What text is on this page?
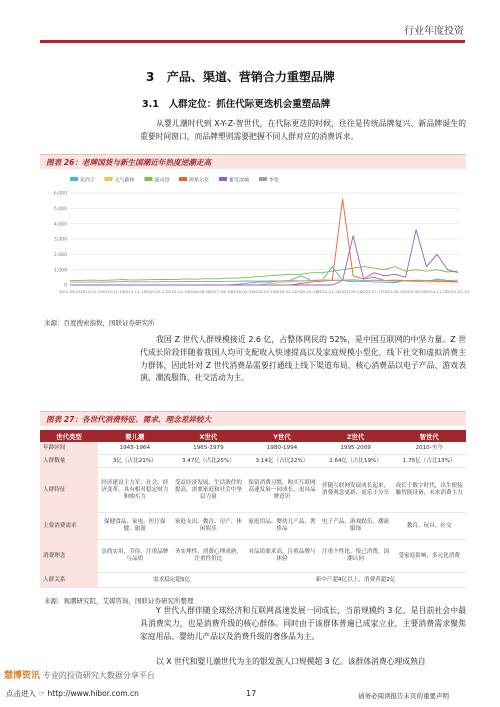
行业年度投资
3 产品、渠道、营销合力重塑品牌
3.1 人群定位：抓住代际更迭机会重塑品牌
从婴儿潮时代到 X-Y-Z-智世代，在代际更迭的时候，往往是传统品牌复兴、新品牌诞生的重要时间窗口，而品牌塑则需要把握不同人群对应的消费诉求。
图表 26：老牌国货与新生国潮近年热度逆潮走高
花西子	元气森林	波司登	鸿星尔克	蜜雪冰城	华伦
6,000
5,000
4,000
3,000
2,000
1,000
0
2011-06-01 2012-01-15 2013-01-13 2013-11-13 2015-01-17 2015-11-15 2016-08-08 2017-06-19 2018-05-01 2018-03-15 2019-02-11 2020-01-28 2021-01-14 2022-09-14 2022-07-17 2023-05-25 2025-06-09 2024-11-23 2021-07-10
来源：百度搜索指数，国联证券研究所
我国 Z 世代人群规模接近 2.6 亿，占整体网民的 52%，是中国互联网的中坚力量。Z 世代成长阶段伴随着我国人均可支配收入快速提高以及家庭规模小型化，线下社交和虚拟消费主力群体，因此针对 Z 世代消费品需要打通线上线下渠道布局，核心消费品以电子产品、游戏表演、潮流服饰、社交活动为主。
图表 27：各世代消费特征、需求、理念差异较大
世代类型	婴儿潮	X世代	Y世代	Z世代	智世代
年龄区间	1945-1964	1965-1979	1980-1994	1995-2009	2010-至今
人群数量	3亿（占比21%）	3.47亿（占比25%）	3.14亿（占比22%）	2.64亿（占比19%）	1.75亿（占比13%）
人群特征	经济建设主力军，社会、经济变革，具有相对稳定财力和购买力	受益经济发展，生活条件的提高，需要家庭和社会中坚层力量	保留消费习惯，购买互联网高速发展一同成长，更具品牌意识	伴随互联网发展成长起来，消费观念更新，更乐于分享	成长于数字时代，出生便接触智能设备，未来消费主力
主要消费需求	保健食品、家电、医疗保健、旅游	家庭支出、教育、房产、休闲娱乐	家庭用品、婴幼儿产品、奢侈品	电子产品、游戏娱乐、潮流服饰	教育、玩具、社交
消费理念	崇尚实用、节俭，注重品牌与品质	务实理性、消费心理成熟，注重性价比	对品质要求高，注重品牌与体验	注重个性化、悦己消费，国潮认同	受家庭影响，多元化消费
人群关系	需求稳定超5亿		新中产超4亿以上，消费者超2亿		
来源：观潮研究院，艾媒咨询，国联证券研究所整理
Y 世代人群伴随全球经济和互联网高速发展一同成长，当前规模约 3 亿，是目前社会中最具消费实力，也是消费升级的核心群体。同时由于该群体普遍已成家立业，主要消费需求聚焦家庭用品、婴幼儿产品以及消费升级的奢侈品为主。
以 X 世代和婴儿潮世代为主的银发族人口规模超 3 亿。该群体消费心理成熟自
慧博资讯 专业的投资研究大数据分享平台
点击进入 ☞ http://www.hibor.com.cn	17	请务必阅读报告末页的重要声明
